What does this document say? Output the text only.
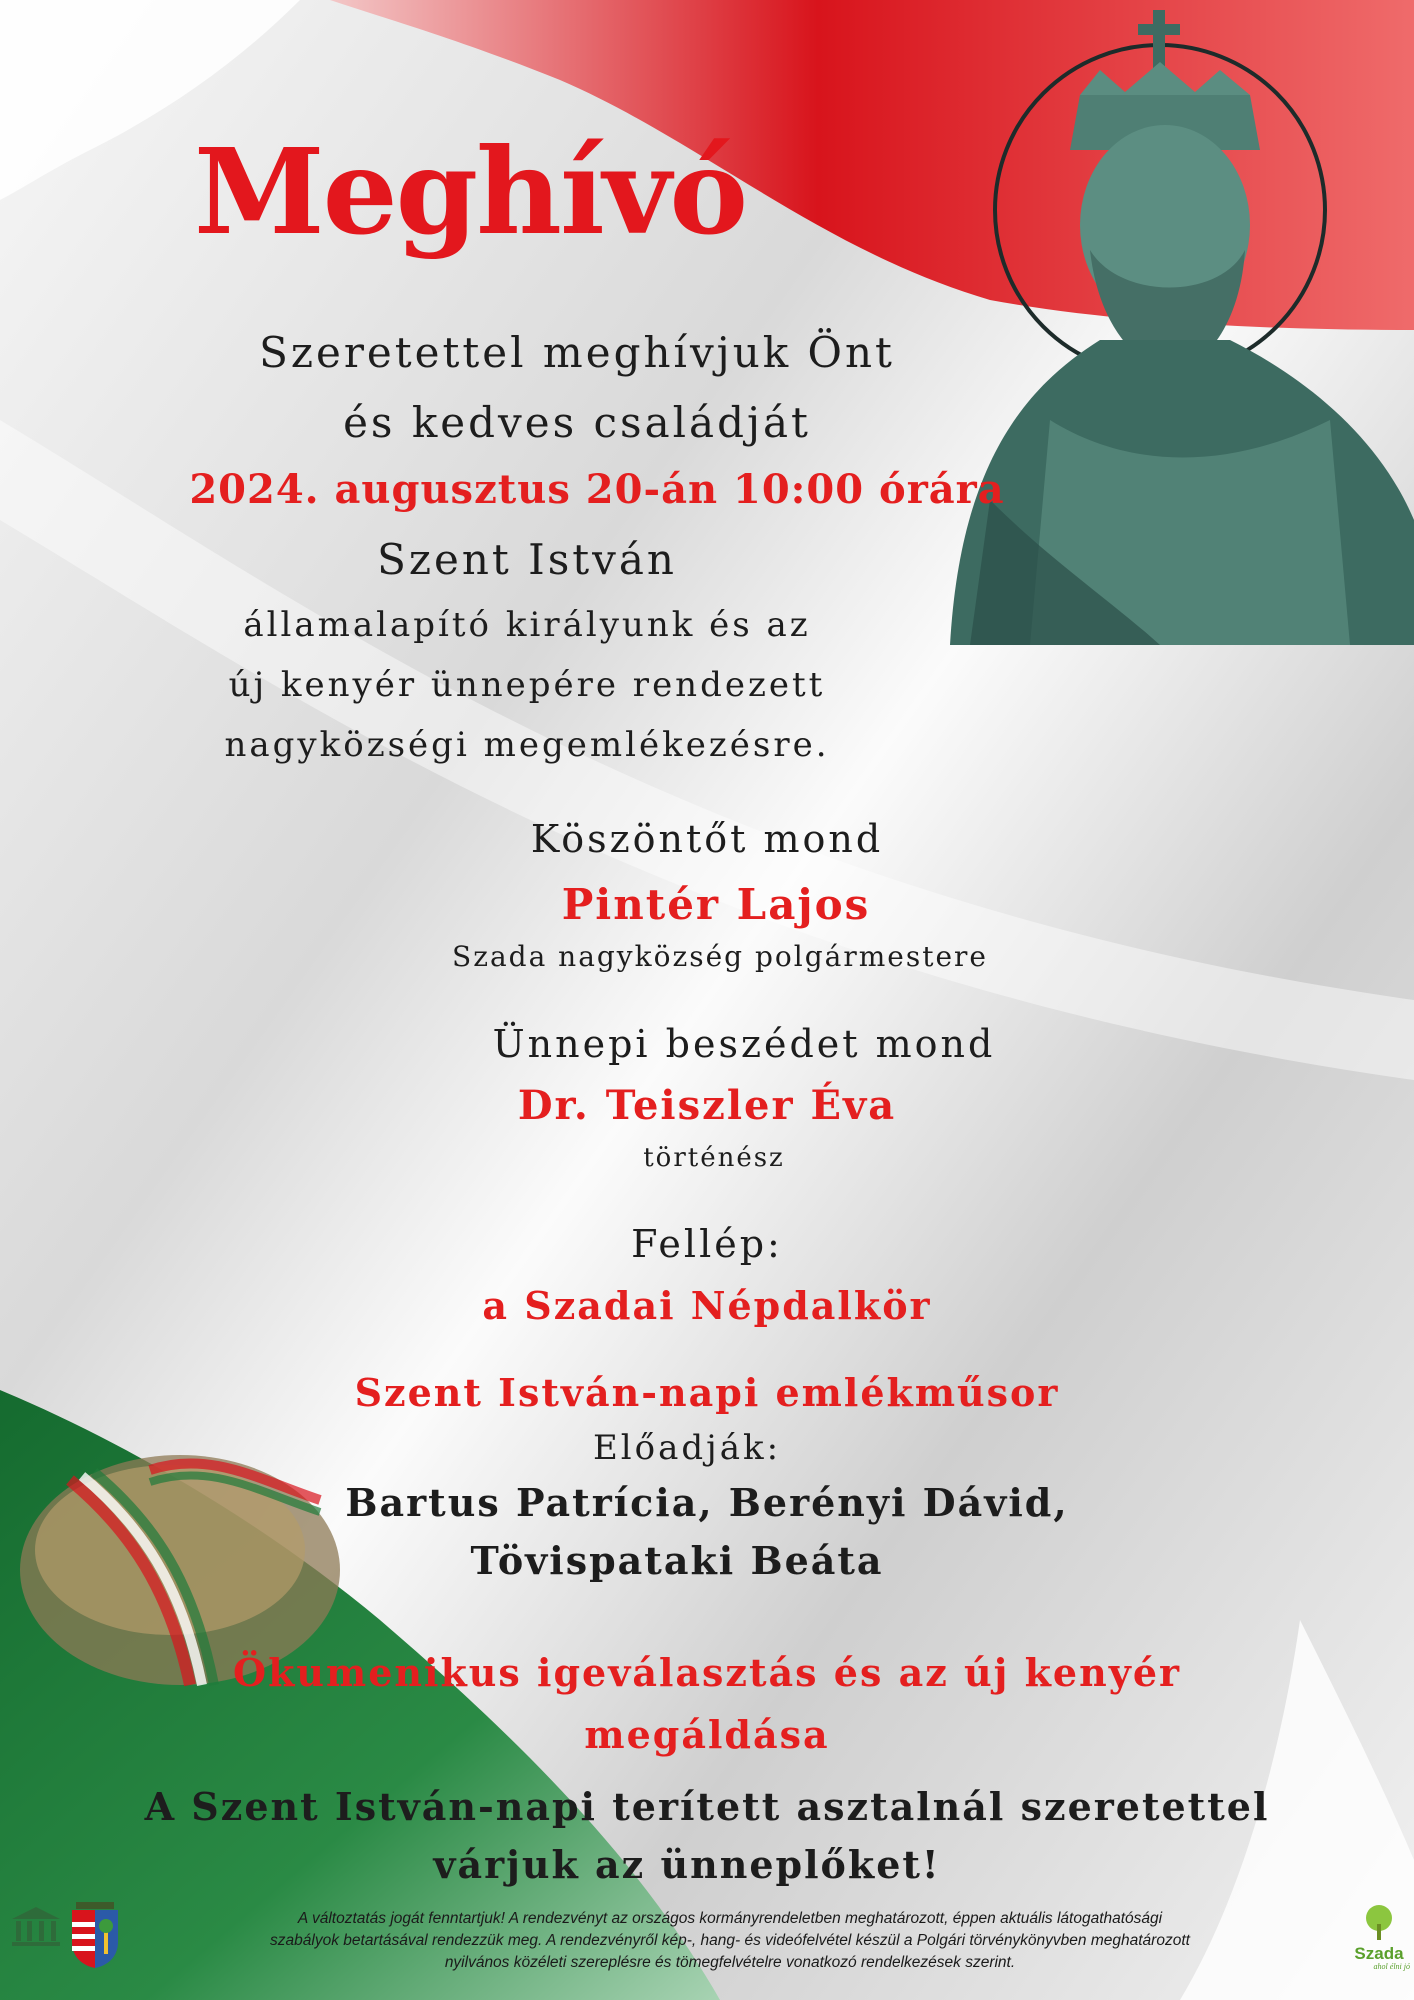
Meghívó
Szeretettel meghívjuk Önt
és kedves családját
2024. augusztus 20-án 10:00 órára
Szent István
államalapító királyunk és az
új kenyér ünnepére rendezett
nagyközségi megemlékezésre.
Köszöntőt mond
Pintér Lajos
Szada nagyközség polgármestere
Ünnepi beszédet mond
Dr. Teiszler Éva
történész
Fellép:
a Szadai Népdalkör
Szent István-napi emlékműsor
Előadják:
Bartus Patrícia, Berényi Dávid,
Tövispataki Beáta
Ökumenikus igeválasztás és az új kenyér
megáldása
A Szent István-napi terített asztalnál szeretettel
várjuk az ünneplőket!
Szada
ahol élni jó
A változtatás jogát fenntartjuk! A rendezvényt az országos kormányrendeletben meghatározott, éppen aktuális látogathatósági
szabályok betartásával rendezzük meg. A rendezvényről kép-, hang- és videófelvétel készül a Polgári törvénykönyvben meghatározott
nyilvános közéleti szereplésre és tömegfelvételre vonatkozó rendelkezések szerint.
